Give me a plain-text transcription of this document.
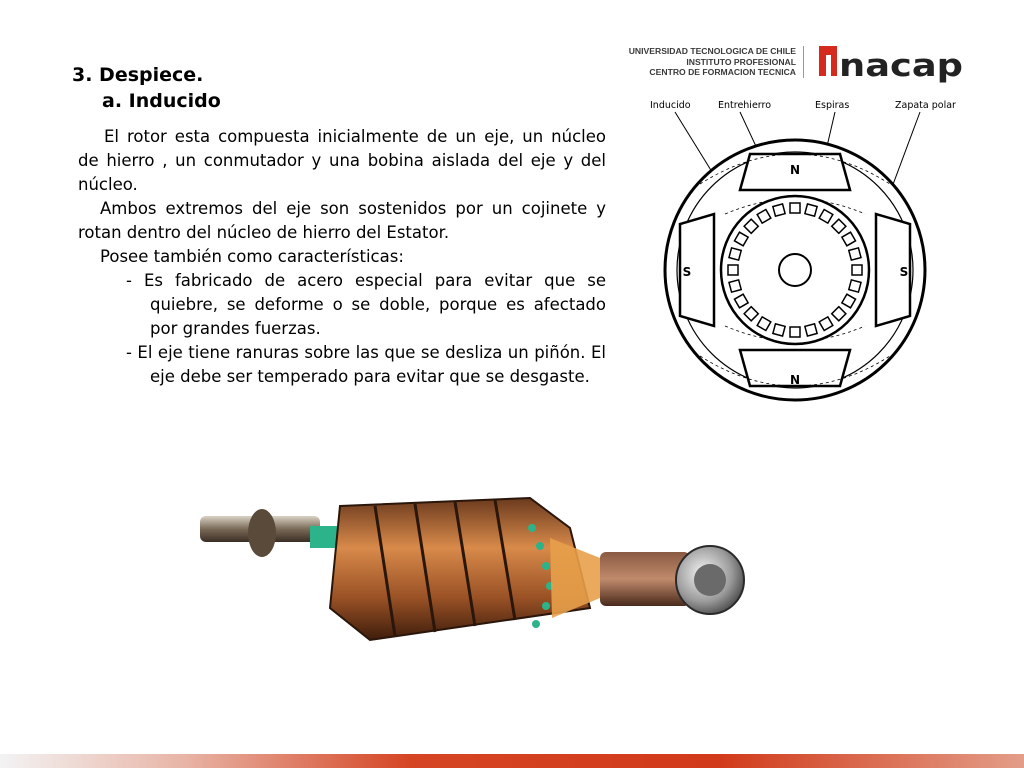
3. Despiece.
a. Inducido

El rotor esta compuesta inicialmente de un eje, un núcleo de hierro , un conmutador y una bobina aislada del eje y del núcleo.

Ambos extremos del eje son sostenidos por un cojinete y rotan dentro del núcleo de hierro del Estator.

Posee también como características:

- Es fabricado de acero especial para evitar que se quiebre, se deforme o se doble, porque es afectado por grandes fuerzas.
- El eje tiene ranuras sobre las que se desliza un piñón. El eje debe ser temperado para evitar que se desgaste.
UNIVERSIDAD TECNOLOGICA DE CHILE
INSTITUTO PROFESIONAL
CENTRO DE FORMACION TECNICA nacap
Inducido	Entrehierro	Espiras	Zapata polar
N
N
S	S
